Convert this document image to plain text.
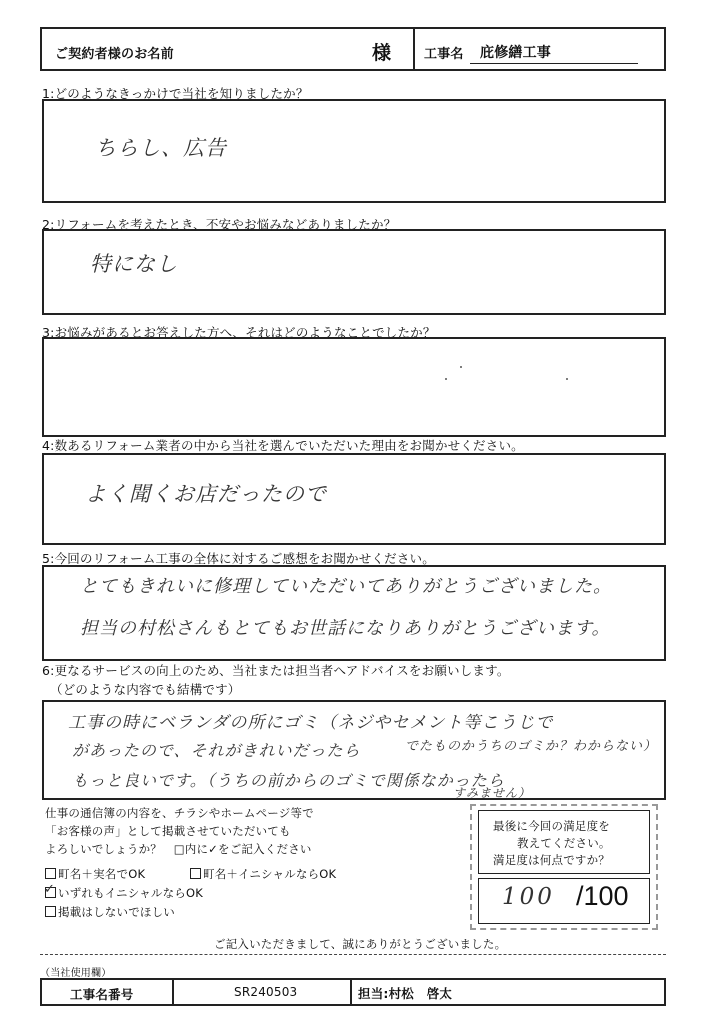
ご契約者様のお名前	様	工事名 庇修繕工事
1:どのようなきっかけで当社を知りましたか？
ちらし、広告
2:リフォームを考えたとき、不安やお悩みなどありましたか？
特になし
3:お悩みがあるとお答えした方へ、それはどのようなことでしたか？
4:数あるリフォーム業者の中から当社を選んでいただいた理由をお聞かせください。
よく聞くお店だったので
5:今回のリフォーム工事の全体に対するご感想をお聞かせください。
とてもきれいに修理していただいてありがとうございました。
担当の村松さんもとてもお世話になりありがとうございます。
6:更なるサービスの向上のため、当社または担当者へアドバイスをお願いします。
（どのような内容でも結構です）
工事の時にベランダの所にゴミ（ネジやセメント等こうじで
があったので、それがきれいだったら	でたものかうちのゴミか？わからない）
もっと良いです。（うちの前からのゴミで関係なかったら
すみません）
仕事の通信簿の内容を、チラシやホームページ等で
「お客様の声」として掲載させていただいても
よろしいでしょうか？　□内に✓をご記入ください
町名＋実名でOK	町名＋イニシャルならOK
✓ いずれもイニシャルならOK
掲載はしないでほしい
最後に今回の満足度を
教えてください。
満足度は何点ですか？
100 /100
ご記入いただきまして、誠にありがとうございました。
（当社使用欄）
工事名番号	SR240503	担当:村松　啓太
